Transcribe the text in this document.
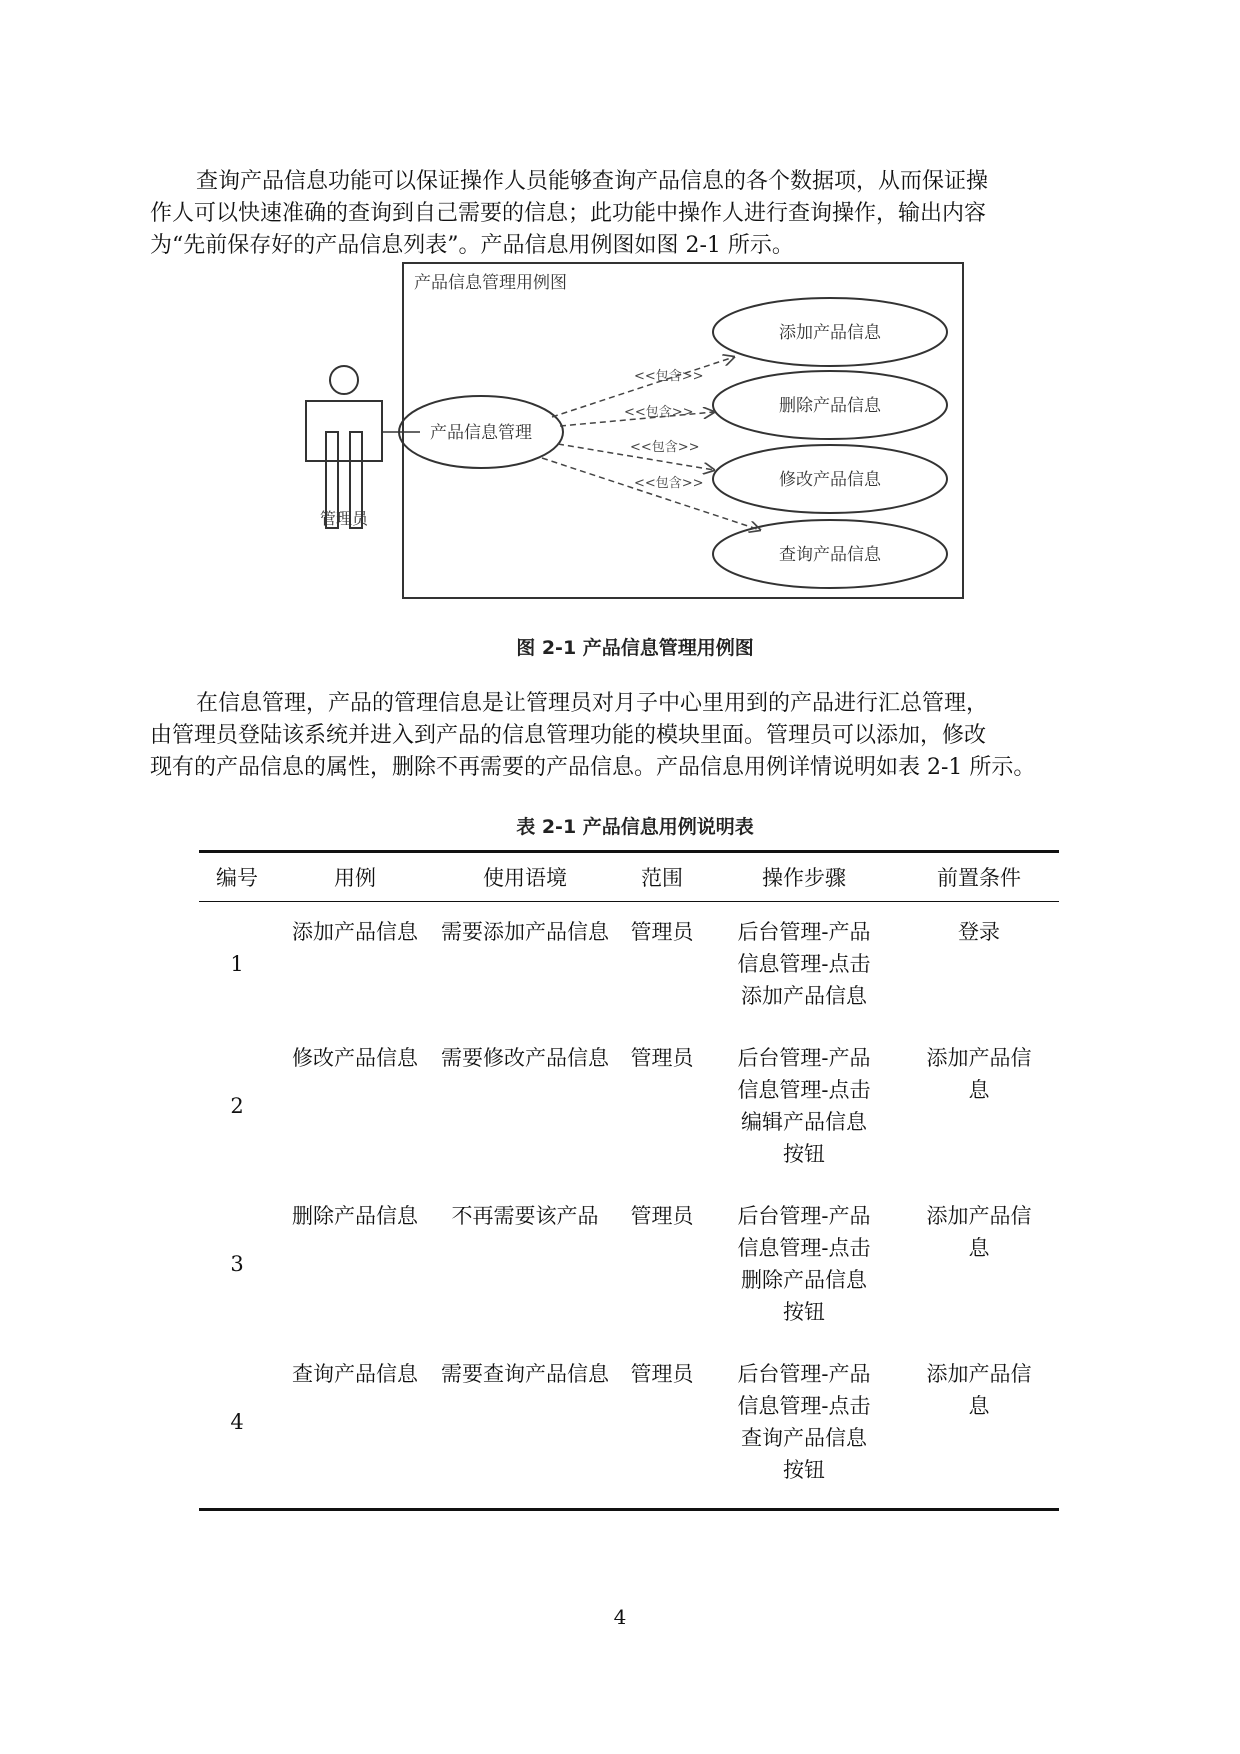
查询产品信息功能可以保证操作人员能够查询产品信息的各个数据项，从而保证操
作人可以快速准确的查询到自己需要的信息；此功能中操作人进行查询操作，输出内容
为“先前保存好的产品信息列表”。产品信息用例图如图 2-1 所示。
产品信息管理用例图
管理员
产品信息管理
添加产品信息
删除产品信息
修改产品信息
查询产品信息
<<包含>>
<<包含>>
<<包含>>
<<包含>>
图 2-1 产品信息管理用例图
在信息管理，产品的管理信息是让管理员对月子中心里用到的产品进行汇总管理，
由管理员登陆该系统并进入到产品的信息管理功能的模块里面。管理员可以添加，修改
现有的产品信息的属性，删除不再需要的产品信息。产品信息用例详情说明如表 2-1 所示。
表 2-1 产品信息用例说明表
编号	用例	使用语境	范围	操作步骤	前置条件
1	添加产品信息	需要添加产品信息	管理员	后台管理-产品
信息管理-点击
添加产品信息	登录
2	修改产品信息	需要修改产品信息	管理员	后台管理-产品
信息管理-点击
编辑产品信息
按钮	添加产品信
息
3	删除产品信息	不再需要该产品	管理员	后台管理-产品
信息管理-点击
删除产品信息
按钮	添加产品信
息
4	查询产品信息	需要查询产品信息	管理员	后台管理-产品
信息管理-点击
查询产品信息
按钮	添加产品信
息
4
